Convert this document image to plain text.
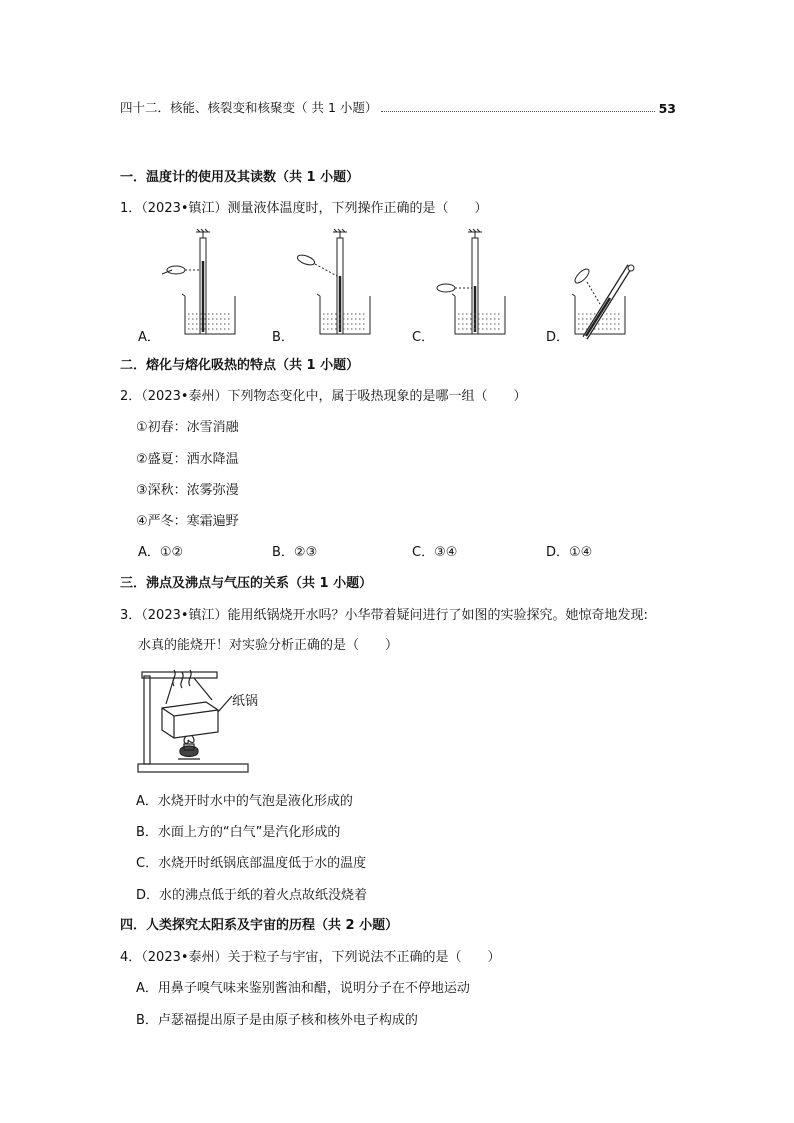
四十二．核能、核裂变和核聚变（ 共 1 小题）	53
一．温度计的使用及其读数（共 1 小题）
1．（2023•镇江）测量液体温度时，下列操作正确的是（　　）
A．	B．	C．	D．
二．熔化与熔化吸热的特点（共 1 小题）
2．（2023•泰州）下列物态变化中，属于吸热现象的是哪一组（　　）
①初春：冰雪消融
②盛夏：洒水降温
③深秋：浓雾弥漫
④严冬：寒霜遍野
A．①②	B．②③	C．③④	D．①④
三．沸点及沸点与气压的关系（共 1 小题）
3．（2023•镇江）能用纸锅烧开水吗？小华带着疑问进行了如图的实验探究。她惊奇地发现:
水真的能烧开！对实验分析正确的是（　　）
纸锅
A．水烧开时水中的气泡是液化形成的
B．水面上方的“白气”是汽化形成的
C．水烧开时纸锅底部温度低于水的温度
D．水的沸点低于纸的着火点故纸没烧着
四．人类探究太阳系及宇宙的历程（共 2 小题）
4．（2023•泰州）关于粒子与宇宙，下列说法不正确的是（　　）
A．用鼻子嗅气味来鉴别酱油和醋，说明分子在不停地运动
B．卢瑟福提出原子是由原子核和核外电子构成的
